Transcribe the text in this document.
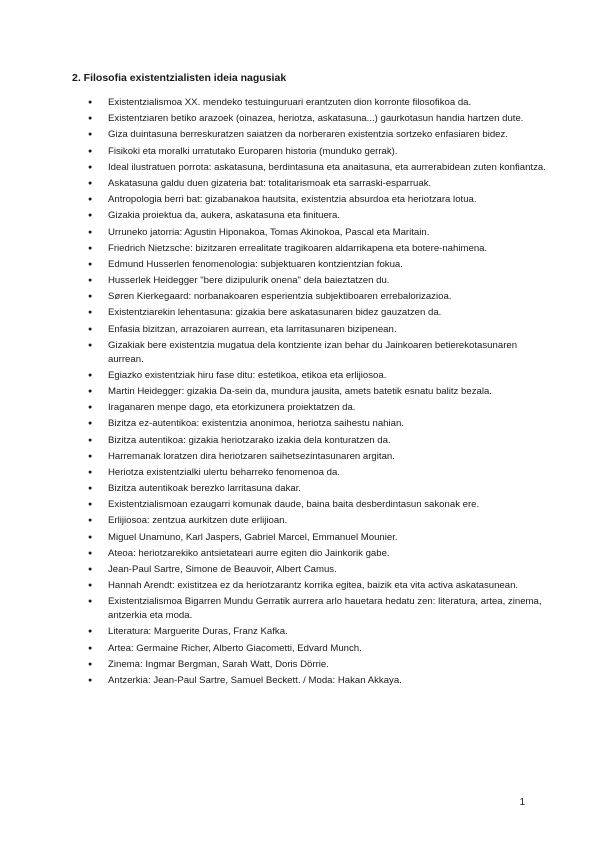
2. Filosofia existentzialisten ideia nagusiak
● Existentzialismoa XX. mendeko testuinguruari erantzuten dion korronte filosofikoa da.
● Existentziaren betiko arazoek (oinazea, heriotza, askatasuna...) gaurkotasun handia hartzen dute.
● Giza duintasuna berreskuratzen saiatzen da norberaren existentzia sortzeko enfasiaren bidez.
● Fisikoki eta moralki urratutako Europaren historia (munduko gerrak).
● Ideal ilustratuen porrota: askatasuna, berdintasuna eta anaitasuna, eta aurrerabidean zuten konfiantza.
● Askatasuna galdu duen gizateria bat: totalitarismoak eta sarraski-esparruak.
● Antropologia berri bat: gizabanakoa hautsita, existentzia absurdoa eta heriotzara lotua.
● Gizakia proiektua da, aukera, askatasuna eta finituera.
● Urruneko jatorria: Agustin Hiponakoa, Tomas Akinokoa, Pascal eta Maritain.
● Friedrich Nietzsche: bizitzaren errealitate tragikoaren aldarrikapena eta botere-nahimena.
● Edmund Husserlen fenomenologia: subjektuaren kontzientzian fokua.
● Husserlek Heidegger "bere dizipulurik onena" dela baieztatzen du.
● Søren Kierkegaard: norbanakoaren esperientzia subjektiboaren errebalorizazioa.
● Existentziarekin lehentasuna: gizakia bere askatasunaren bidez gauzatzen da.
● Enfasia bizitzan, arrazoiaren aurrean, eta larritasunaren bizipenean.
● Gizakiak bere existentzia mugatua dela kontziente izan behar du Jainkoaren betierekotasunaren aurrean.
● Egiazko existentziak hiru fase ditu: estetikoa, etikoa eta erlijiosoa.
● Martin Heidegger: gizakia Da-sein da, mundura jausita, amets batetik esnatu balitz bezala.
● Iraganaren menpe dago, eta etorkizunera proiektatzen da.
● Bizitza ez-autentikoa: existentzia anonimoa, heriotza saihestu nahian.
● Bizitza autentikoa: gizakia heriotzarako izakia dela konturatzen da.
● Harremanak loratzen dira heriotzaren saihetsezintasunaren argitan.
● Heriotza existentzialki ulertu beharreko fenomenoa da.
● Bizitza autentikoak berezko larritasuna dakar.
● Existentzialismoan ezaugarri komunak daude, baina baita desberdintasun sakonak ere.
● Erlijiosoa: zentzua aurkitzen dute erlijioan.
● Miguel Unamuno, Karl Jaspers, Gabriel Marcel, Emmanuel Mounier.
● Ateoa: heriotzarekiko antsietateari aurre egiten dio Jainkorik gabe.
● Jean-Paul Sartre, Simone de Beauvoir, Albert Camus.
● Hannah Arendt: existitzea ez da heriotzarantz korrika egitea, baizik eta vita activa askatasunean.
● Existentzialismoa Bigarren Mundu Gerratik aurrera arlo hauetara hedatu zen: literatura, artea, zinema, antzerkia eta moda.
● Literatura: Marguerite Duras, Franz Kafka.
● Artea: Germaine Richer, Alberto Giacometti, Edvard Munch.
● Zinema: Ingmar Bergman, Sarah Watt, Doris Dörrie.
● Antzerkia: Jean-Paul Sartre, Samuel Beckett. / Moda: Hakan Akkaya.
1
